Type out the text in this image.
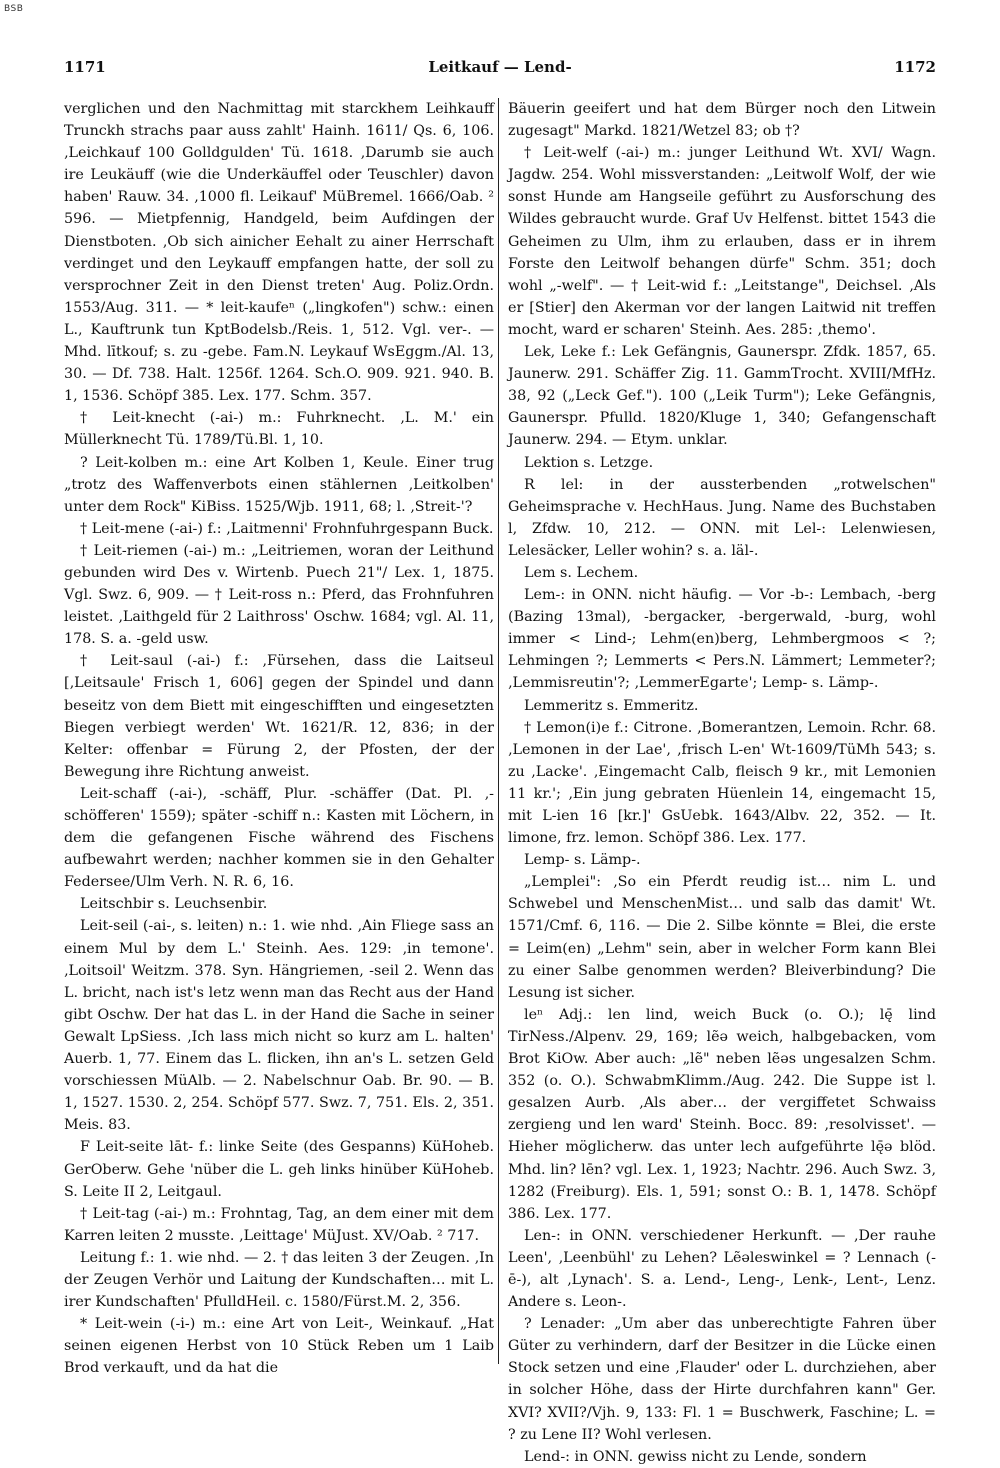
BSB
1171	Leitkauf — Lend-	1172

verglichen und den Nachmittag mit starckhem Leihkauff Trunckh strachs paar auss zahlt' Hainh. 1611/ Qs. 6, 106. ‚Leichkauf 100 Golldgulden' Tü. 1618. ‚Darumb sie auch ire Leukäuff (wie die Underkäuffel oder Teuschler) davon haben' Rauw. 34. ‚1000 fl. Leikauf' MüBremel. 1666/Oab. ² 596. — Mietpfennig, Handgeld, beim Aufdingen der Dienstboten. ‚Ob sich ainicher Eehalt zu ainer Herrschaft verdinget und den Leykauff empfangen hatte, der soll zu versprochner Zeit in den Dienst treten' Aug. Poliz.Ordn. 1553/Aug. 311. — * leit-kaufeⁿ („lingkofen") schw.: einen L., Kauftrunk tun KptBodelsb./Reis. 1, 512. Vgl. ver-. — Mhd. lītkouf; s. zu -gebe. Fam.N. Leykauf WsEggm./Al. 13, 30. — Df. 738. Halt. 1256f. 1264. Sch.O. 909. 921. 940. B. 1, 1536. Schöpf 385. Lex. 177. Schm. 357.

† Leit-knecht (-ai-) m.: Fuhrknecht. ‚L. M.' ein Müllerknecht Tü. 1789/Tü.Bl. 1, 10.

? Leit-kolben m.: eine Art Kolben 1, Keule. Einer trug „trotz des Waffenverbots einen stählernen ‚Leitkolben' unter dem Rock" KiBiss. 1525/Wjb. 1911, 68; l. ‚Streit-'?

† Leit-mene (-ai-) f.: ‚Laitmenni' Frohnfuhrgespann Buck.

† Leit-riemen (-ai-) m.: „Leitriemen, woran der Leithund gebunden wird Des v. Wirtenb. Puech 21"/ Lex. 1, 1875. Vgl. Swz. 6, 909. — † Leit-ross n.: Pferd, das Frohnfuhren leistet. ‚Laithgeld für 2 Laithross' Oschw. 1684; vgl. Al. 11, 178. S. a. -geld usw.

† Leit-saul (-ai-) f.: ‚Fürsehen, dass die Laitseul [‚Leitsaule' Frisch 1, 606] gegen der Spindel und dann beseitz von dem Biett mit eingeschifften und eingesetzten Biegen verbiegt werden' Wt. 1621/R. 12, 836; in der Kelter: offenbar = Fürung 2, der Pfosten, der der Bewegung ihre Richtung anweist.

Leit-schaff (-ai-), -schäff, Plur. -schäffer (Dat. Pl. ‚-schöfferen' 1559); später -schiff n.: Kasten mit Löchern, in dem die gefangenen Fische während des Fischens aufbewahrt werden; nachher kommen sie in den Gehalter Federsee/Ulm Verh. N. R. 6, 16.

Leitschbir s. Leuchsenbir.

Leit-seil (-ai-, s. leiten) n.: 1. wie nhd. ‚Ain Fliege sass an einem Mul by dem L.' Steinh. Aes. 129: ‚in temone'. ‚Loitsoil' Weitzm. 378. Syn. Hängriemen, -seil 2. Wenn das L. bricht, nach ist's letz wenn man das Recht aus der Hand gibt Oschw. Der hat das L. in der Hand die Sache in seiner Gewalt LpSiess. ‚Ich lass mich nicht so kurz am L. halten' Auerb. 1, 77. Einem das L. flicken, ihn an's L. setzen Geld vorschiessen MüAlb. — 2. Nabelschnur Oab. Br. 90. — B. 1, 1527. 1530. 2, 254. Schöpf 577. Swz. 7, 751. Els. 2, 351. Meis. 83.

F Leit-seite lāt- f.: linke Seite (des Gespanns) KüHoheb. GerOberw. Gehe 'nüber die L. geh links hinüber KüHoheb. S. Leite II 2, Leitgaul.

† Leit-tag (-ai-) m.: Frohntag, Tag, an dem einer mit dem Karren leiten 2 musste. ‚Leittage' MüJust. XV/Oab. ² 717.

Leitung f.: 1. wie nhd. — 2. † das leiten 3 der Zeugen. ‚In der Zeugen Verhör und Laitung der Kundschaften… mit L. irer Kundschaften' PfulldHeil. c. 1580/Fürst.M. 2, 356.

* Leit-wein (-i-) m.: eine Art von Leit-, Weinkauf. „Hat seinen eigenen Herbst von 10 Stück Reben um 1 Laib Brod verkauft, und da hat die

Bäuerin geeifert und hat dem Bürger noch den Litwein zugesagt" Markd. 1821/Wetzel 83; ob †?

† Leit-welf (-ai-) m.: junger Leithund Wt. XVI/ Wagn. Jagdw. 254. Wohl missverstanden: „Leitwolf Wolf, der wie sonst Hunde am Hangseile geführt zu Ausforschung des Wildes gebraucht wurde. Graf Uv Helfenst. bittet 1543 die Geheimen zu Ulm, ihm zu erlauben, dass er in ihrem Forste den Leitwolf behangen dürfe" Schm. 351; doch wohl „-welf". — † Leit-wid f.: „Leitstange", Deichsel. ‚Als er [Stier] den Akerman vor der langen Laitwid nit treffen mocht, ward er scharen' Steinh. Aes. 285: ‚themo'.

Lek, Leke f.: Lek Gefängnis, Gaunerspr. Zfdk. 1857, 65. Jaunerw. 291. Schäffer Zig. 11. GammTrocht. XVIII/MfHz. 38, 92 („Leck Gef."). 100 („Leik Turm"); Leke Gefängnis, Gaunerspr. Pfulld. 1820/Kluge 1, 340; Gefangenschaft Jaunerw. 294. — Etym. unklar.

Lektion s. Letzge.

R lel: in der aussterbenden „rotwelschen" Geheimsprache v. HechHaus. Jung. Name des Buchstaben l, Zfdw. 10, 212. — ONN. mit Lel-: Lelenwiesen, Lelesäcker, Leller wohin? s. a. läl-.

Lem s. Lechem.

Lem-: in ONN. nicht häufig. — Vor -b-: Lembach, -berg (Bazing 13mal), -bergacker, -bergerwald, -burg, wohl immer < Lind-; Lehm(en)berg, Lehmbergmoos < ?; Lehmingen ?; Lemmerts < Pers.N. Lämmert; Lemmeter?; ‚Lemmisreutin'?; ‚LemmerEgarte'; Lemp- s. Lämp-.

Lemmeritz s. Emmeritz.

† Lemon(i)e f.: Citrone. ‚Bomerantzen, Lemoin. Rchr. 68. ‚Lemonen in der Lae', ‚frisch L-en' Wt-1609/TüMh 543; s. zu ‚Lacke'. ‚Eingemacht Calb, fleisch 9 kr., mit Lemonien 11 kr.'; ‚Ein jung gebraten Hüenlein 14, eingemacht 15, mit L-ien 16 [kr.]' GsUebk. 1643/Albv. 22, 352. — It. limone, frz. lemon. Schöpf 386. Lex. 177.

Lemp- s. Lämp-.

„Lemplei": ‚So ein Pferdt reudig ist… nim L. und Schwebel und MenschenMist… und salb das damit' Wt. 1571/Cmf. 6, 116. — Die 2. Silbe könnte = Blei, die erste = Leim(en) „Lehm" sein, aber in welcher Form kann Blei zu einer Salbe genommen werden? Bleiverbindung? Die Lesung ist sicher.

leⁿ Adj.: len lind, weich Buck (o. O.); lę̄ lind TirNess./Alpenv. 29, 169; lẽə weich, halbgebacken, vom Brot KiOw. Aber auch: „lẽ" neben lẽəs ungesalzen Schm. 352 (o. O.). SchwabmKlimm./Aug. 242. Die Suppe ist l. gesalzen Aurb. ‚Als aber… der vergiffetet Schwaiss zergieng und len ward' Steinh. Bocc. 89: ‚resolvisset'. — Hieher möglicherw. das unter lech aufgeführte lę̄ə blöd. Mhd. lin? lēn? vgl. Lex. 1, 1923; Nachtr. 296. Auch Swz. 3, 1282 (Freiburg). Els. 1, 591; sonst O.: B. 1, 1478. Schöpf 386. Lex. 177.

Len-: in ONN. verschiedener Herkunft. — ‚Der rauhe Leen', ‚Leenbühl' zu Lehen? Lẽəleswinkel = ? Lennach (-ē-), alt ‚Lynach'. S. a. Lend-, Leng-, Lenk-, Lent-, Lenz. Andere s. Leon-.

? Lenader: „Um aber das unberechtigte Fahren über Güter zu verhindern, darf der Besitzer in die Lücke einen Stock setzen und eine ‚Flauder' oder L. durchziehen, aber in solcher Höhe, dass der Hirte durchfahren kann" Ger. XVI? XVII?/Vjh. 9, 133: Fl. 1 = Buschwerk, Faschine; L. = ? zu Lene II? Wohl verlesen.

Lend-: in ONN. gewiss nicht zu Lende, sondern
